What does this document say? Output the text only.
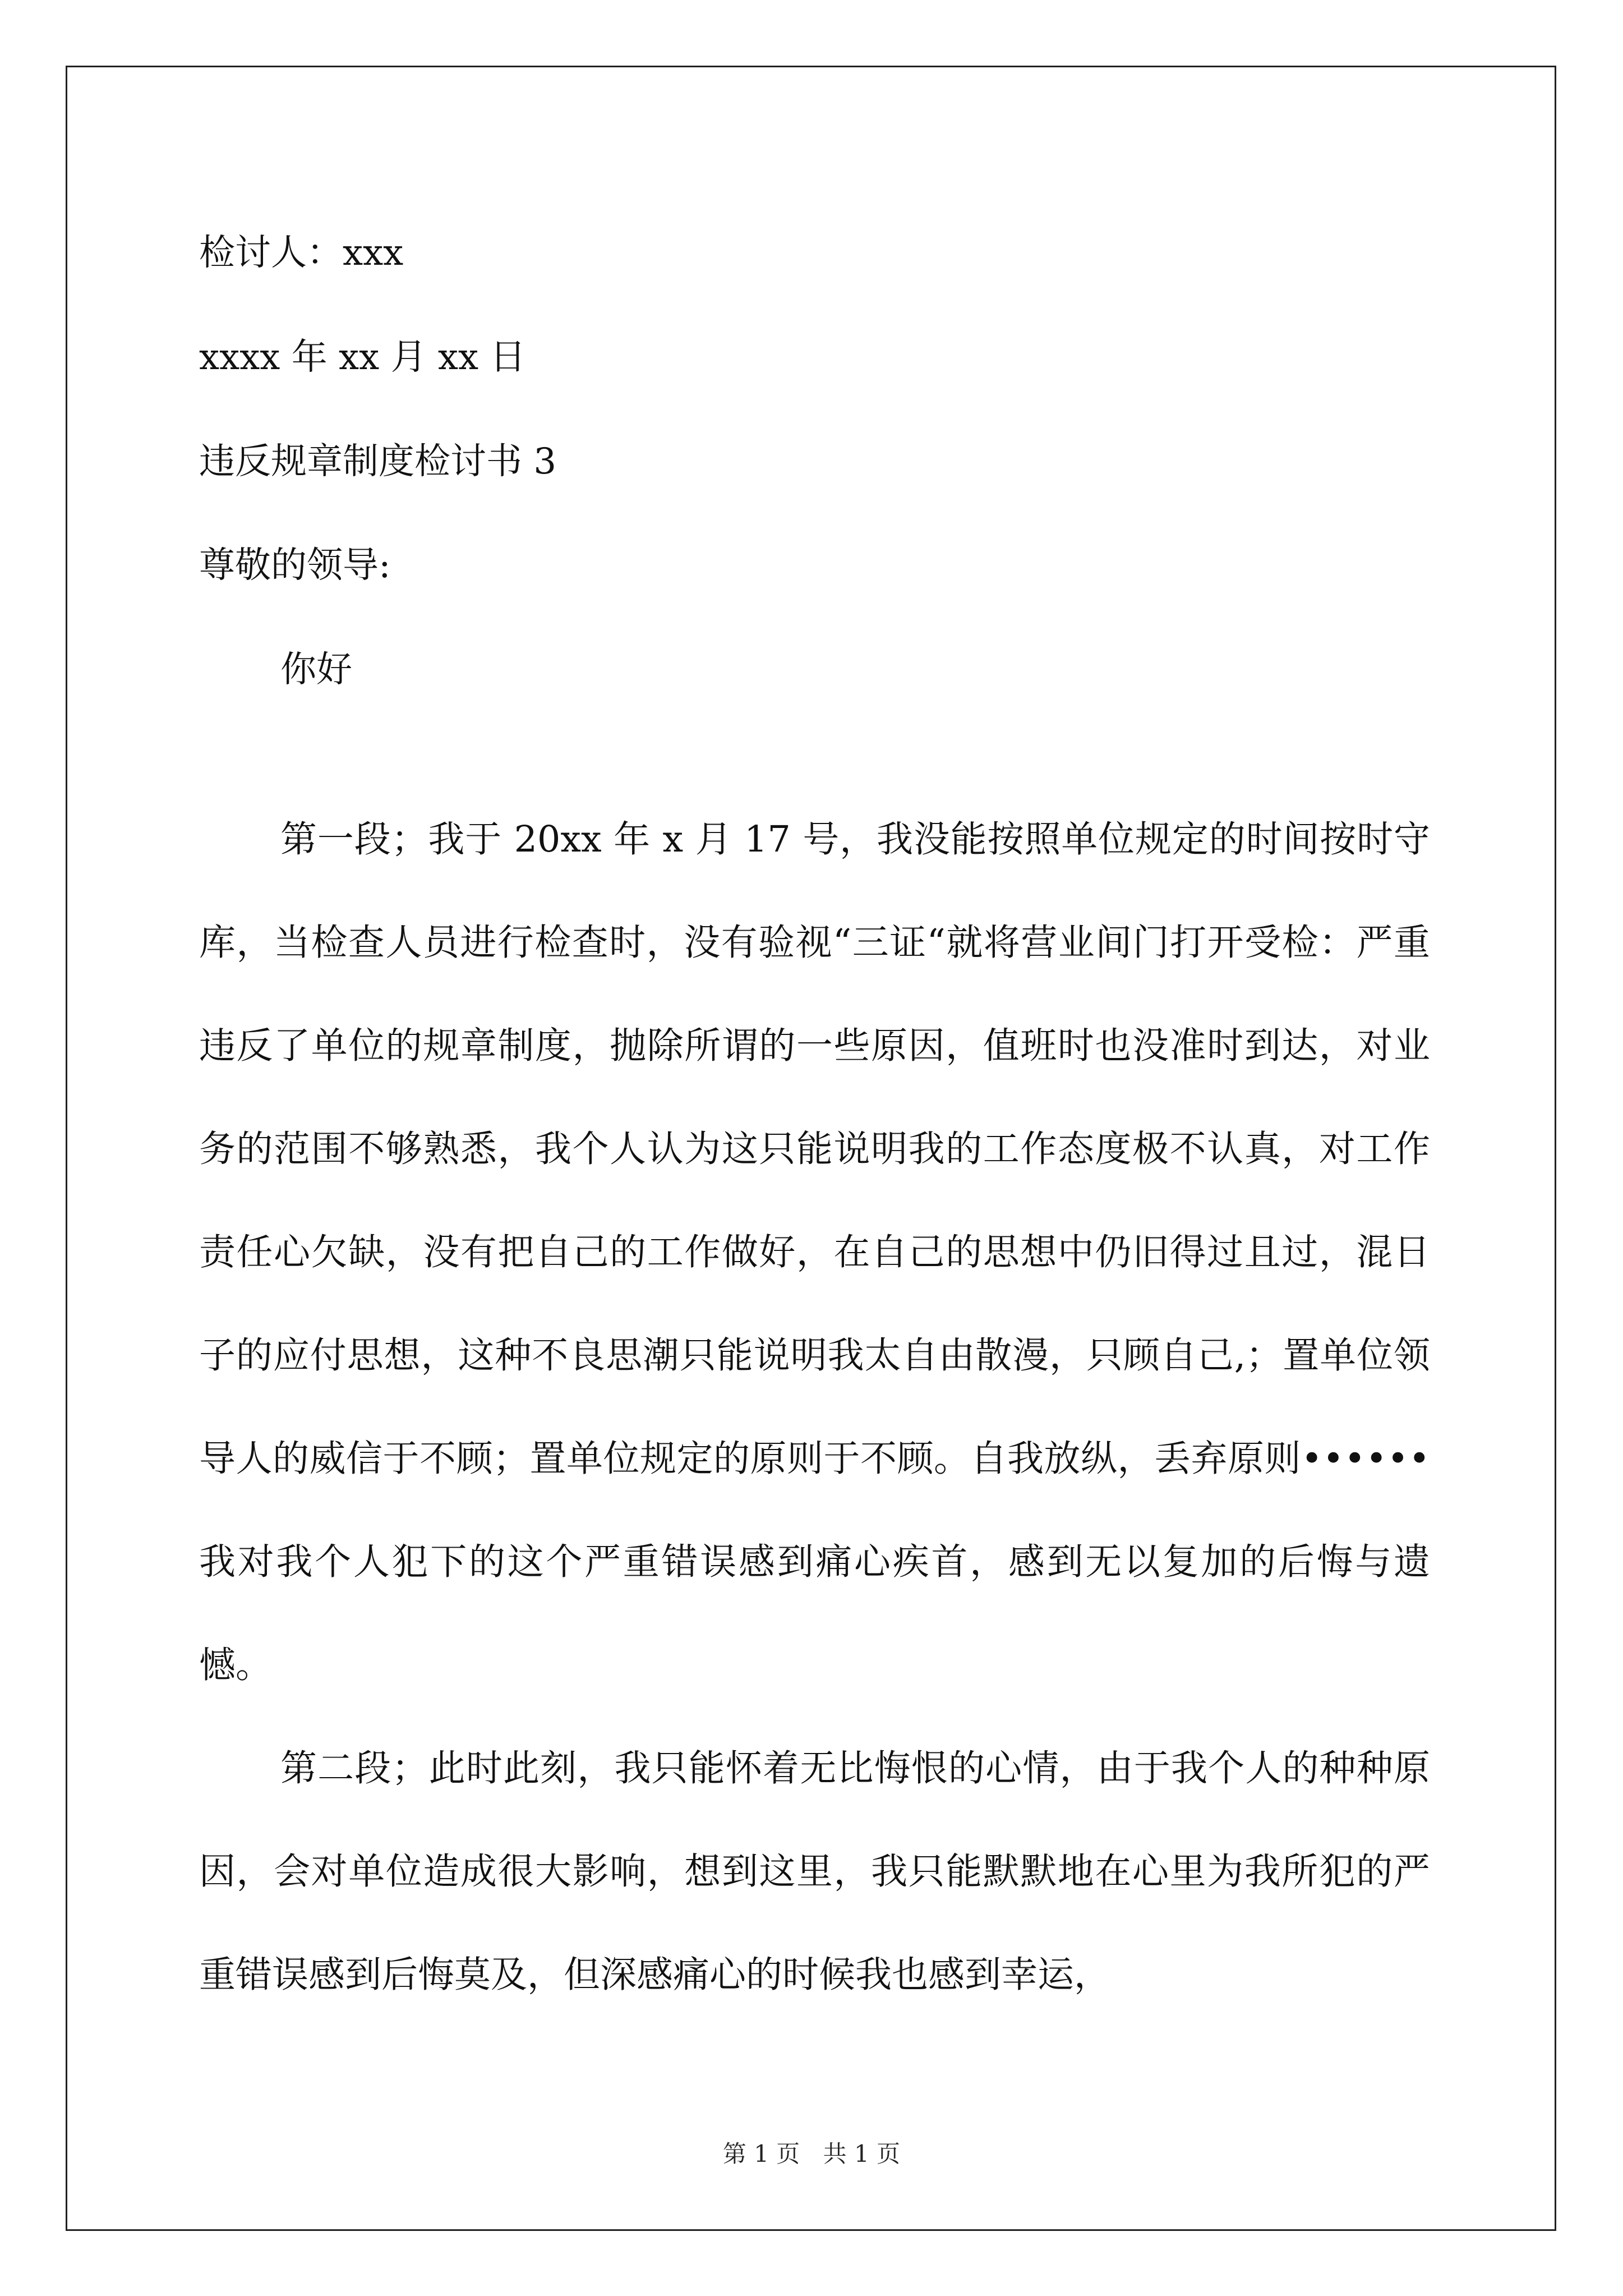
检讨人：xxx
xxxx 年 xx 月 xx 日
违反规章制度检讨书 3
尊敬的领导:
你好

第一段；我于 20xx 年 x 月 17 号，我没能按照单位规定的时间按时守库，当检查人员进行检查时，没有验视“三证“就将营业间门打开受检：严重违反了单位的规章制度，抛除所谓的一些原因，值班时也没准时到达，对业务的范围不够熟悉，我个人认为这只能说明我的工作态度极不认真，对工作责任心欠缺，没有把自己的工作做好，在自己的思想中仍旧得过且过，混日子的应付思想，这种不良思潮只能说明我太自由散漫，只顾自己,；置单位领导人的威信于不顾；置单位规定的原则于不顾。自我放纵，丢弃原则••••••我对我个人犯下的这个严重错误感到痛心疾首，感到无以复加的后悔与遗憾。

第二段；此时此刻，我只能怀着无比悔恨的心情，由于我个人的种种原因，会对单位造成很大影响，想到这里，我只能默默地在心里为我所犯的严重错误感到后悔莫及，但深感痛心的时候我也感到幸运，

第 1 页 共 1 页
